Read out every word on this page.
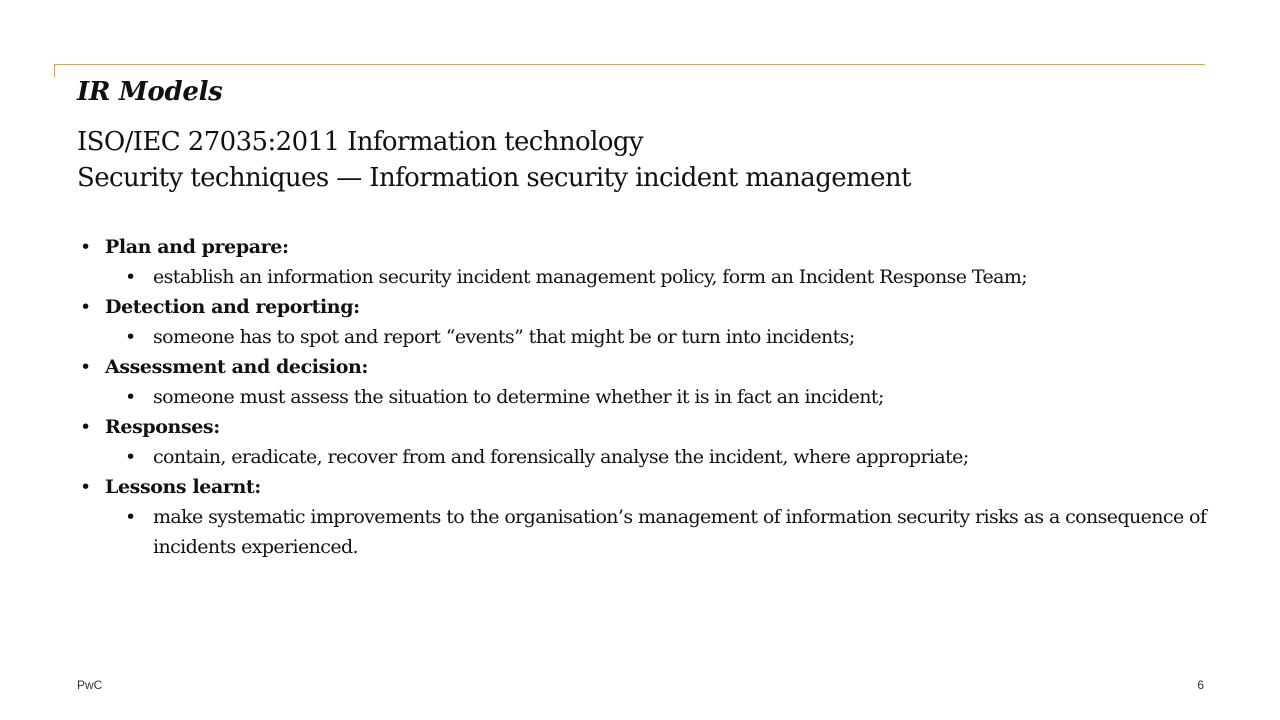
IR Models
ISO/IEC 27035:2011 Information technology
Security techniques — Information security incident management
• Plan and prepare:
• establish an information security incident management policy, form an Incident Response Team;
• Detection and reporting:
• someone has to spot and report “events” that might be or turn into incidents;
• Assessment and decision:
• someone must assess the situation to determine whether it is in fact an incident;
• Responses:
• contain, eradicate, recover from and forensically analyse the incident, where appropriate;
• Lessons learnt:
• make systematic improvements to the organisation’s management of information security risks as a consequence of incidents experienced.
PwC	6
